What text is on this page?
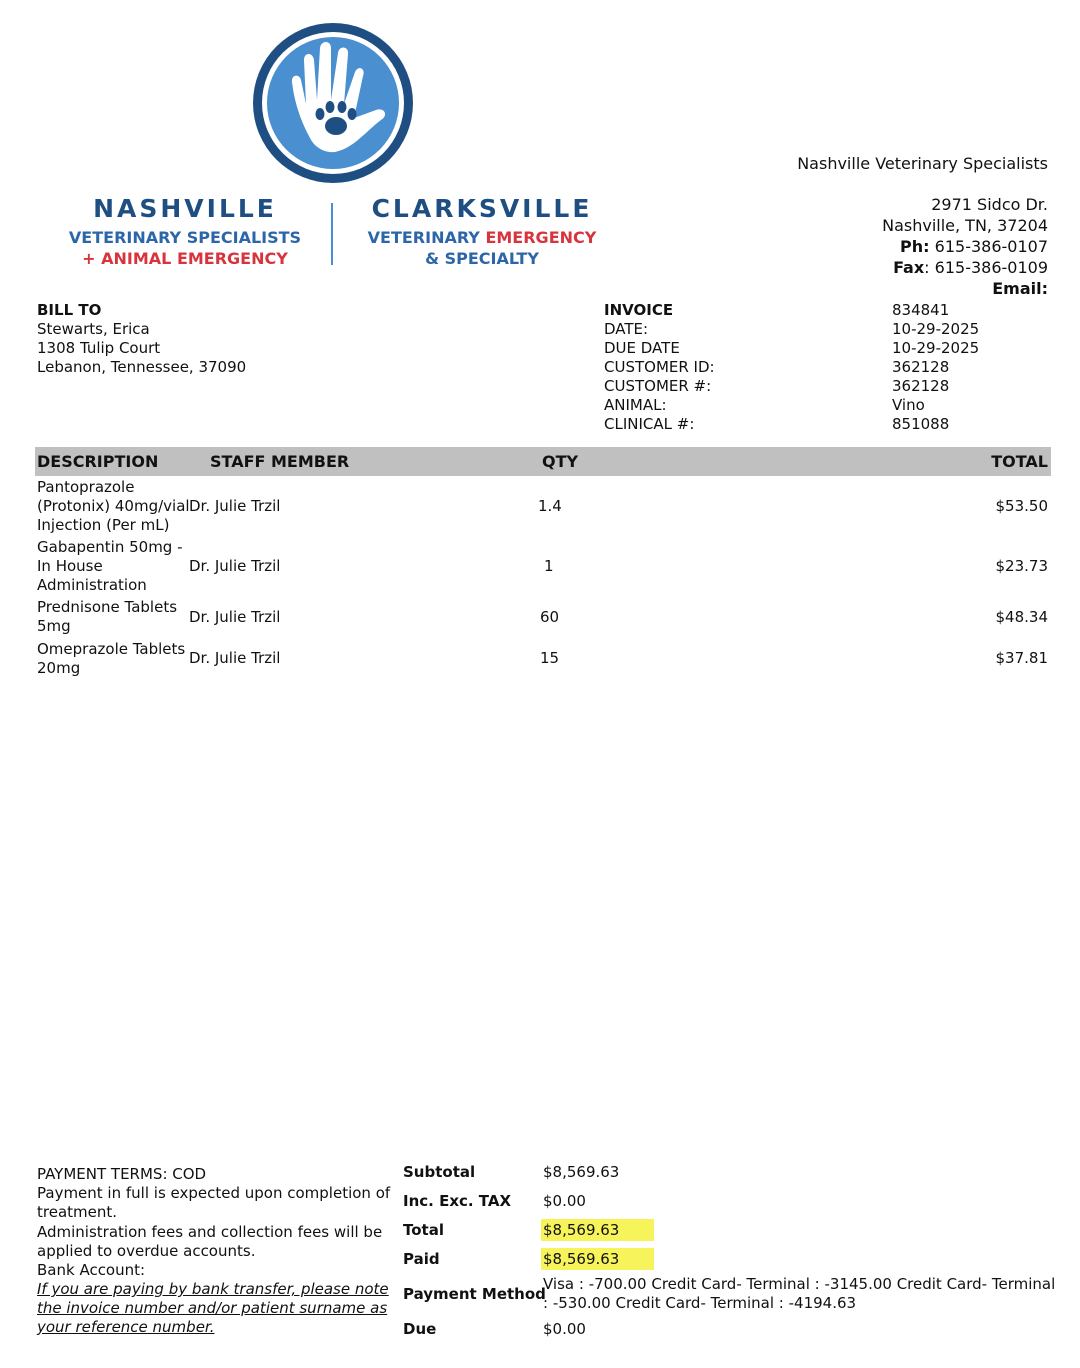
NASHVILLE
VETERINARY SPECIALISTS
+ ANIMAL EMERGENCY
CLARKSVILLE
VETERINARY EMERGENCY
& SPECIALTY
Nashville Veterinary Specialists
2971 Sidco Dr.
Nashville, TN, 37204
Ph: 615-386-0107
Fax: 615-386-0109
Email:
BILL TO
Stewarts, Erica
1308 Tulip Court
Lebanon, Tennessee, 37090
INVOICE	834841
DATE:	10-29-2025
DUE DATE	10-29-2025
CUSTOMER ID:	362128
CUSTOMER #:	362128
ANIMAL:	Vino
CLINICAL #:	851088
DESCRIPTION	STAFF MEMBER	QTY	TOTAL
Pantoprazole
(Protonix) 40mg/vial
Injection (Per mL)
Dr. Julie Trzil	1.4	$53.50
Gabapentin 50mg -
In House
Administration
Dr. Julie Trzil	1	$23.73
Prednisone Tablets
5mg	Dr. Julie Trzil	60	$48.34
Omeprazole Tablets
20mg
Dr. Julie Trzil	15	$37.81
PAYMENT TERMS: COD
Payment in full is expected upon completion of
treatment.
Administration fees and collection fees will be
applied to overdue accounts.
Bank Account:
If you are paying by bank transfer, please note
the invoice number and/or patient surname as
your reference number.
Subtotal	$8,569.63
Inc. Exc. TAX $0.00
Total	$8,569.63
Paid	$8,569.63
Payment Method
Visa : -700.00 Credit Card- Terminal : -3145.00 Credit Card- Terminal
: -530.00 Credit Card- Terminal : -4194.63
Due	$0.00
